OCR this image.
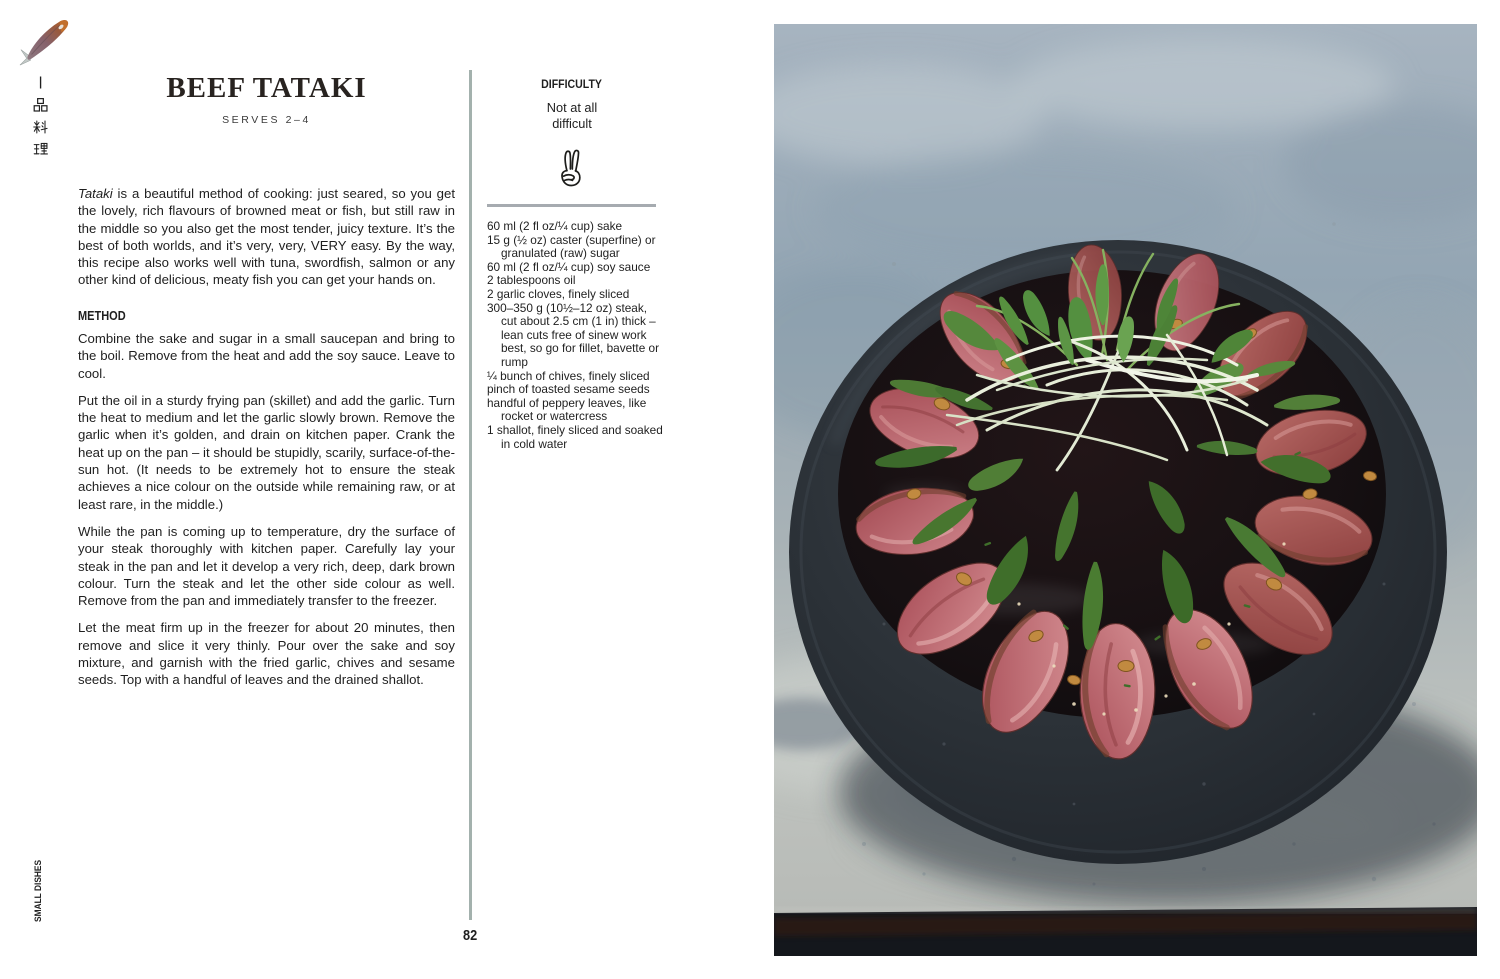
BEEF TATAKI
SERVES 2–4
Tataki is a beautiful method of cooking: just seared, so you get the lovely, rich flavours of browned meat or fish, but still raw in the middle so you also get the most tender, juicy texture. It’s the best of both worlds, and it’s very, very, VERY easy. By the way, this recipe also works well with tuna, swordfish, salmon or any other kind of delicious, meaty fish you can get your hands on.
METHOD

Combine the sake and sugar in a small saucepan and bring to the boil. Remove from the heat and add the soy sauce. Leave to cool.

Put the oil in a sturdy frying pan (skillet) and add the garlic. Turn the heat to medium and let the garlic slowly brown. Remove the garlic when it’s golden, and drain on kitchen paper. Crank the heat up on the pan – it should be stupidly, scarily, surface-of-the-sun hot. (It needs to be extremely hot to ensure the steak achieves a nice colour on the outside while remaining raw, or at least rare, in the middle.)

While the pan is coming up to temperature, dry the surface of your steak thoroughly with kitchen paper. Carefully lay your steak in the pan and let it develop a very rich, deep, dark brown colour. Turn the steak and let the other side colour as well. Remove from the pan and immediately transfer to the freezer.

Let the meat firm up in the freezer for about 20 minutes, then remove and slice it very thinly. Pour over the sake and soy mixture, and garnish with the fried garlic, chives and sesame seeds. Top with a handful of leaves and the drained shallot.

DIFFICULTY
Not at all
difficult
60 ml (2 fl oz/¼ cup) sake
15 g (½ oz) caster (superfine) or granulated (raw) sugar
60 ml (2 fl oz/¼ cup) soy sauce
2 tablespoons oil
2 garlic cloves, finely sliced
300–350 g (10½–12 oz) steak, cut about 2.5 cm (1 in) thick – lean cuts free of sinew work best, so go for fillet, bavette or rump
¼ bunch of chives, finely sliced
pinch of toasted sesame seeds
handful of peppery leaves, like rocket or watercress
1 shallot, finely sliced and soaked in cold water
SMALL DISHES
82
